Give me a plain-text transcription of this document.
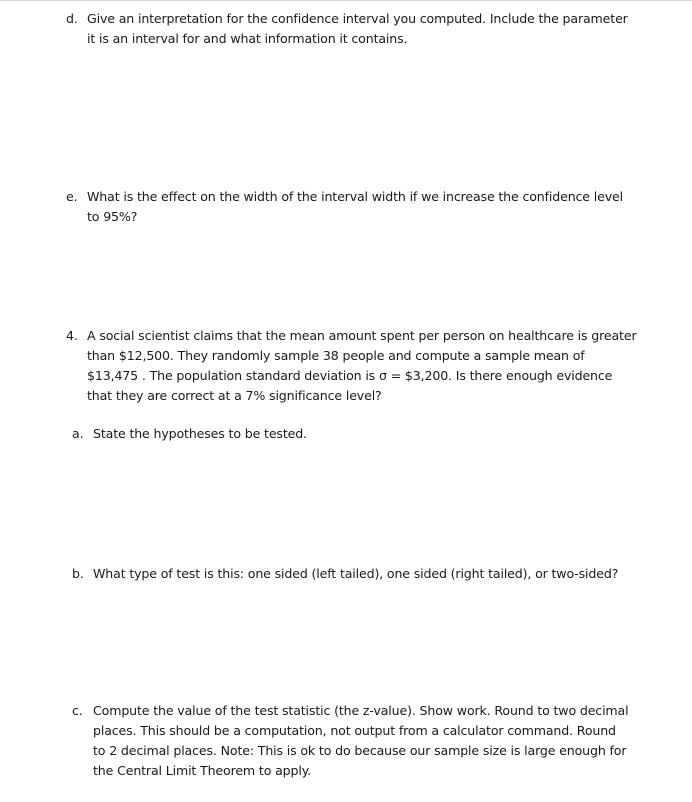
d. Give an interpretation for the confidence interval you computed. Include the parameter
it is an interval for and what information it contains.

e. What is the effect on the width of the interval width if we increase the confidence level
to 95%?

4. A social scientist claims that the mean amount spent per person on healthcare is greater
than $12,500. They randomly sample 38 people and compute a sample mean of
$13,475 . The population standard deviation is σ = $3,200. Is there enough evidence
that they are correct at a 7% significance level?

a. State the hypotheses to be tested.

b. What type of test is this: one sided (left tailed), one sided (right tailed), or two-sided?

c. Compute the value of the test statistic (the z-value). Show work. Round to two decimal
places. This should be a computation, not output from a calculator command. Round
to 2 decimal places. Note: This is ok to do because our sample size is large enough for
the Central Limit Theorem to apply.
